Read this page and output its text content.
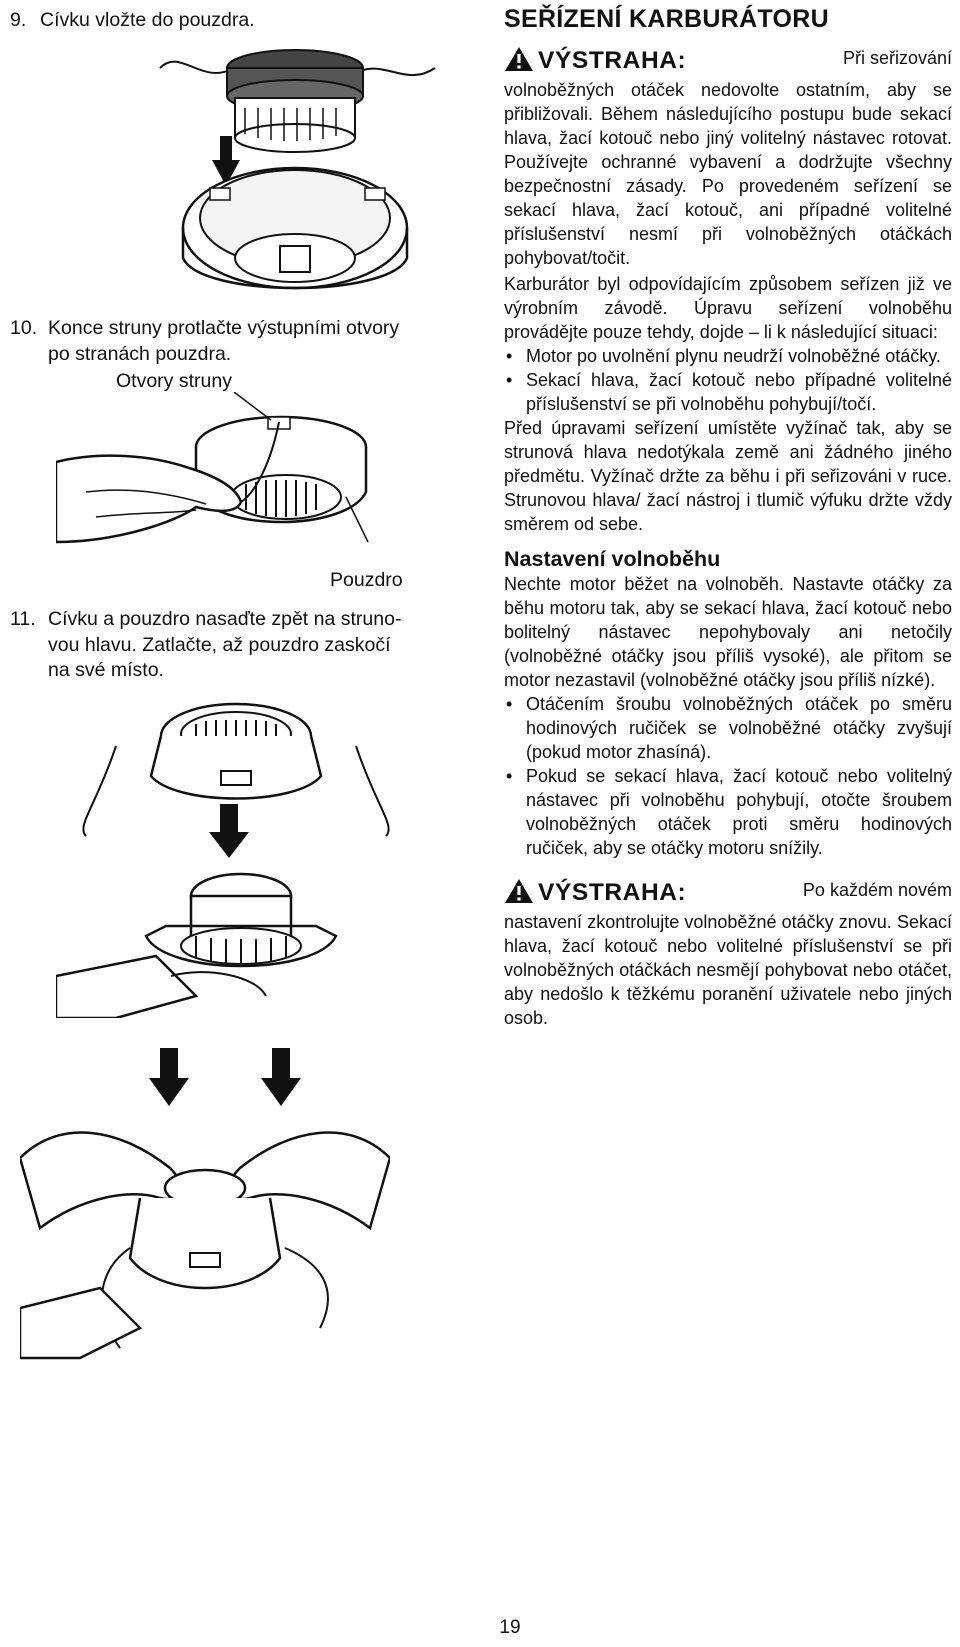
9. Cívku vložte do pouzdra.
10. Konce struny protlačte výstupními otvory
po stranách pouzdra.
Otvory struny
Pouzdro
11. Cívku a pouzdro nasaďte zpět na struno-
vou hlavu. Zatlačte, až pouzdro zaskočí
na své místo.
SEŘÍZENÍ KARBURÁTORU

VÝSTRAHA:	Při seřizování

volnoběžných otáček nedovolte ostatním, aby se přibližovali. Během následujícího postupu bude sekací hlava, žací kotouč nebo jiný volitelný nástavec rotovat. Používejte ochranné vybavení a dodržujte všechny bezpečnostní zásady. Po provedeném seřízení se sekací hlava, žací kotouč, ani případné volitelné příslušenství nesmí při volnoběžných otáčkách pohybovat/točit.

Karburátor byl odpovídajícím způsobem seřízen již ve výrobním závodě. Úpravu seřízení volnoběhu provádějte pouze tehdy, dojde – li k následující situaci:

• Motor po uvolnění plynu neudrží volnoběžné otáčky.
• Sekací hlava, žací kotouč nebo případné volitelné příslušenství se při volnoběhu pohybují/točí.

Před úpravami seřízení umístěte vyžínač tak, aby se strunová hlava nedotýkala země ani žádného jiného předmětu. Vyžínač držte za běhu i při seřizováni v ruce. Strunovou hlava/ žací nástroj i tlumič výfuku držte vždy směrem od sebe.

Nastavení volnoběhu

Nechte motor běžet na volnoběh. Nastavte otáčky za běhu motoru tak, aby se sekací hlava, žací kotouč nebo bolitelný nástavec nepohybovaly ani netočily (volnoběžné otáčky jsou příliš vysoké), ale přitom se motor nezastavil (volnoběžné otáčky jsou příliš nízké).

• Otáčením šroubu volnoběžných otáček po směru hodinových ručiček se volnoběžné otáčky zvyšují (pokud motor zhasíná).
• Pokud se sekací hlava, žací kotouč nebo volitelný nástavec při volnoběhu pohybují, otočte šroubem volnoběžných otáček proti směru hodinových ručiček, aby se otáčky motoru snížily.

VÝSTRAHA:	Po každém novém

nastavení zkontrolujte volnoběžné otáčky znovu. Sekací hlava, žací kotouč nebo volitelné příslušenství se při volnoběžných otáčkách nesmějí pohybovat nebo otáčet, aby nedošlo k těžkému poranění uživatele nebo jiných osob.

19
